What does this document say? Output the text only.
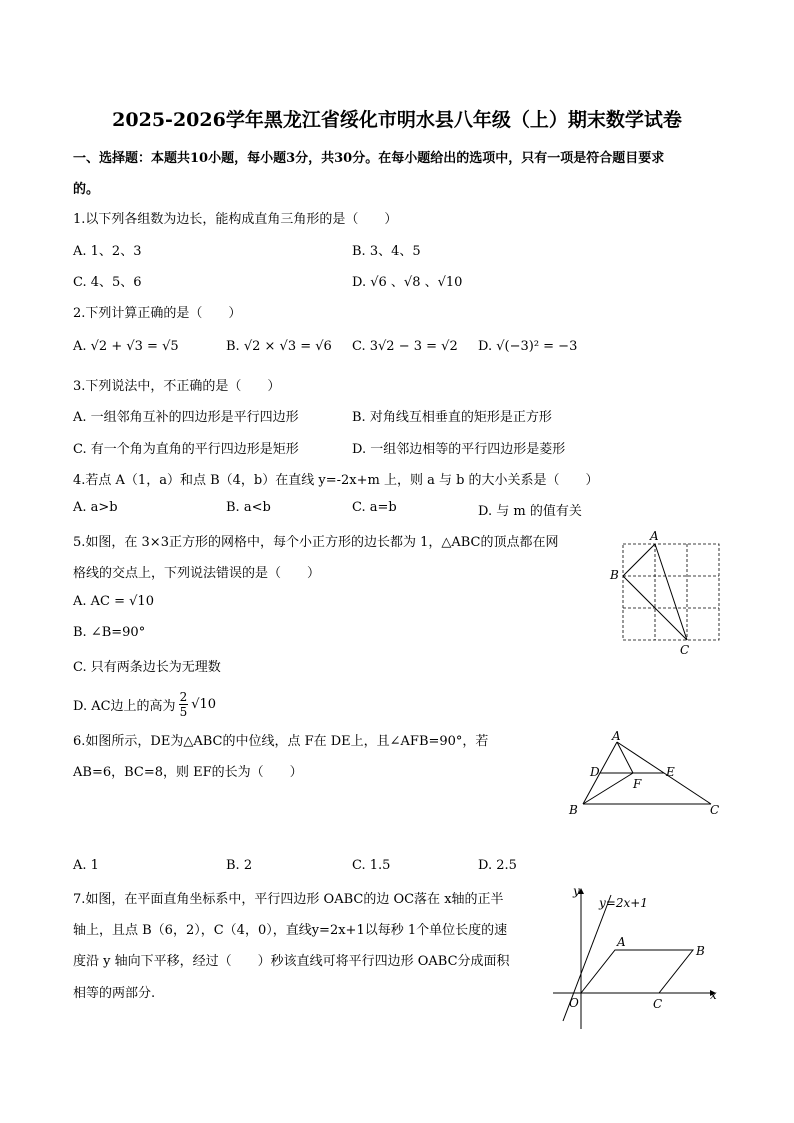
2025-2026学年黑龙江省绥化市明水县八年级（上）期末数学试卷
一、选择题：本题共10小题，每小题3分，共30分。在每小题给出的选项中，只有一项是符合题目要求
的。
1.以下列各组数为边长，能构成直角三角形的是（　　）
A. 1、2、3	B. 3、4、5
C. 4、5、6	D. √6 、√8 、√10
2.下列计算正确的是（　　）
A. √2 + √3 = √5	B. √2 × √3 = √6 C. 3√2 − 3 = √2 D. √(−3)² = −3
3.下列说法中，不正确的是（　　）
A. 一组邻角互补的四边形是平行四边形	B. 对角线互相垂直的矩形是正方形
C. 有一个角为直角的平行四边形是矩形	D. 一组邻边相等的平行四边形是菱形
4.若点 A（1，a）和点 B（4，b）在直线 y=-2x+m 上，则 a 与 b 的大小关系是（　　）
A. a>b	B. a<b	C. a=b	D. 与 m 的值有关
5.如图，在 3×3正方形的网格中，每个小正方形的边长都为 1，△ABC的顶点都在网
格线的交点上，下列说法错误的是（　　）
A. AC = √10
B. ∠B=90°
C. 只有两条边长为无理数
D. AC边上的高为 $\frac{2}{5} √10$
A
B
C
6.如图所示，DE为△ABC的中位线，点 F在 DE上，且∠AFB=90°，若
AB=6，BC=8，则 EF的长为（　　）
A
D	E
F
B	C
A. 1	B. 2	C. 1.5	D. 2.5
7.如图，在平面直角坐标系中，平行四边形 OABC的边 OC落在 x轴的正半
轴上，且点 B（6，2），C（4，0），直线y=2x+1以每秒 1个单位长度的速
度沿 y 轴向下平移，经过（　　）秒该直线可将平行四边形 OABC分成面积
相等的两部分.
y
x
y=2x+1
O
A
B
C
